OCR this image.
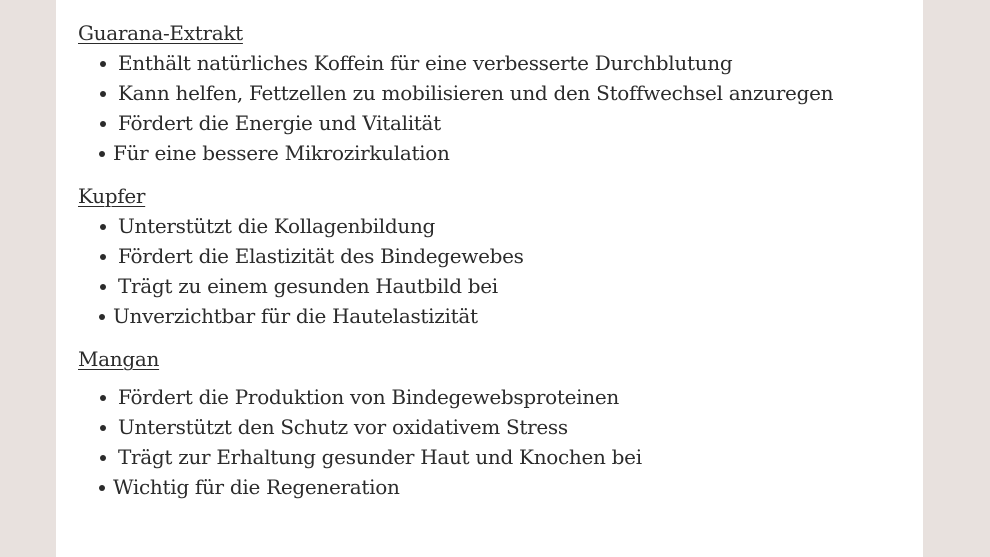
Guarana-Extrakt
Enthält natürliches Koffein für eine verbesserte Durchblutung
Kann helfen, Fettzellen zu mobilisieren und den Stoffwechsel anzuregen
Fördert die Energie und Vitalität
Für eine bessere Mikrozirkulation
Kupfer
Unterstützt die Kollagenbildung
Fördert die Elastizität des Bindegewebes
Trägt zu einem gesunden Hautbild bei
Unverzichtbar für die Hautelastizität
Mangan
Fördert die Produktion von Bindegewebsproteinen
Unterstützt den Schutz vor oxidativem Stress
Trägt zur Erhaltung gesunder Haut und Knochen bei
Wichtig für die Regeneration
